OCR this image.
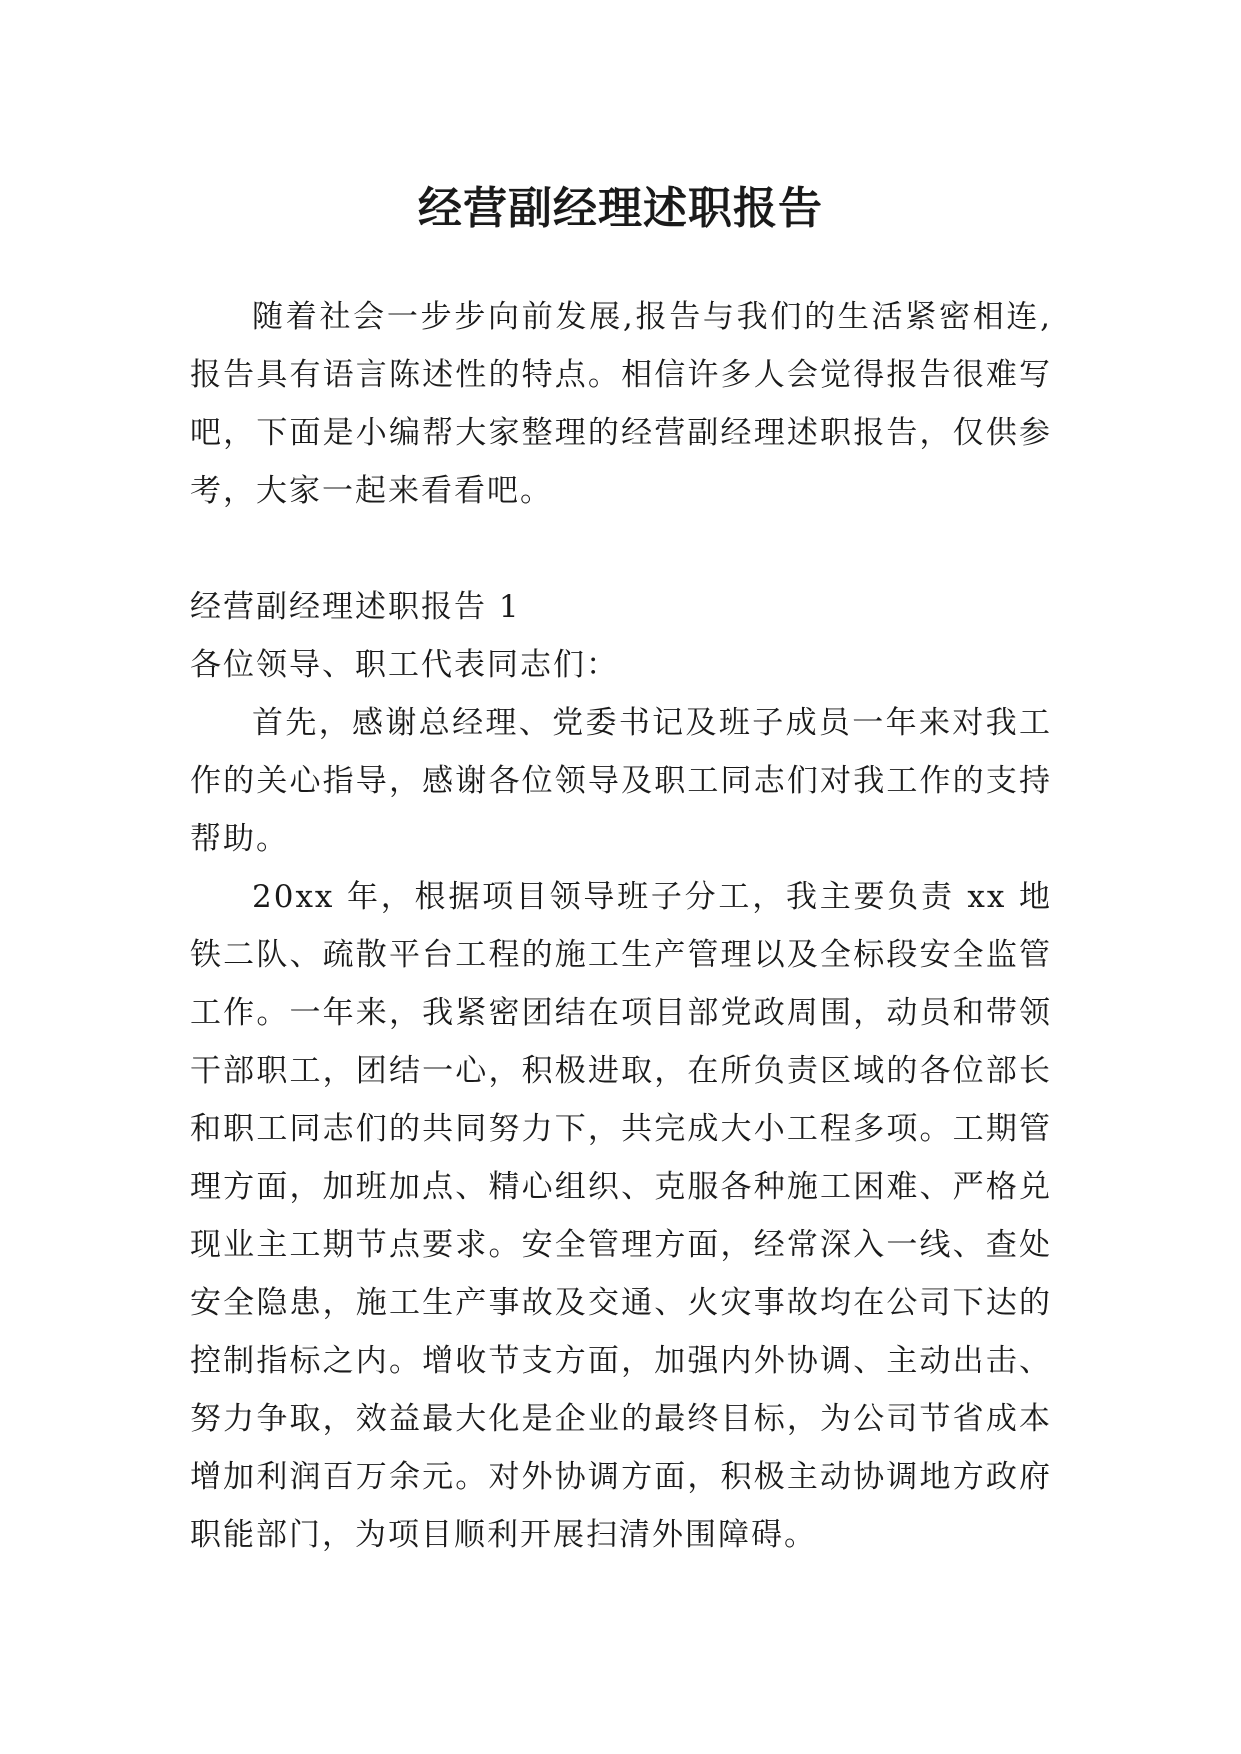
经营副经理述职报告

随着社会一步步向前发展,报告与我们的生活紧密相连,报告具有语言陈述性的特点。相信许多人会觉得报告很难写吧，下面是小编帮大家整理的经营副经理述职报告，仅供参考，大家一起来看看吧。

经营副经理述职报告 1

各位领导、职工代表同志们：

首先，感谢总经理、党委书记及班子成员一年来对我工作的关心指导，感谢各位领导及职工同志们对我工作的支持帮助。

20xx 年，根据项目领导班子分工，我主要负责 xx 地铁二队、疏散平台工程的施工生产管理以及全标段安全监管工作。一年来，我紧密团结在项目部党政周围，动员和带领干部职工，团结一心，积极进取，在所负责区域的各位部长和职工同志们的共同努力下，共完成大小工程多项。工期管理方面，加班加点、精心组织、克服各种施工困难、严格兑现业主工期节点要求。安全管理方面，经常深入一线、查处安全隐患，施工生产事故及交通、火灾事故均在公司下达的控制指标之内。增收节支方面，加强内外协调、主动出击、努力争取，效益最大化是企业的最终目标，为公司节省成本增加利润百万余元。对外协调方面，积极主动协调地方政府职能部门，为项目顺利开展扫清外围障碍。
